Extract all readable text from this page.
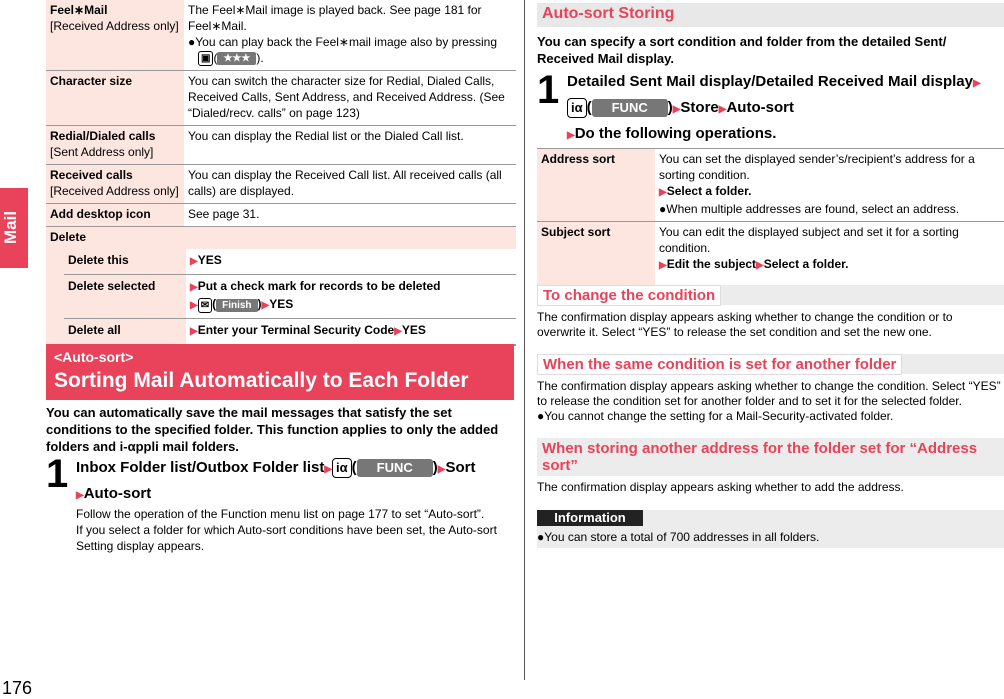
Mail
176
Feel∗Mail
[Received Address only]
	The Feel∗Mail image is played back. See page 181 for Feel∗Mail.
●You can play back the Feel∗mail image also by pressing
▣ ( ★★★ ).
Character size	You can switch the character size for Redial, Dialed Calls, Received Calls, Sent Address, and Received Address. (See “Dialed/recv. calls” on page 123)
Redial/Dialed calls
[Sent Address only]
	You can display the Redial list or the Dialed Call list.
Received calls
[Received Address only]
	You can display the Received Call list. All received calls (all calls) are displayed.
Add desktop icon	See page 31.
Delete

Delete this	▶YES
Delete selected	▶Put a check mark for records to be deleted
▶ ✉ ( Finish )▶YES
Delete all	▶Enter your Terminal Security Code▶YES
<Auto-sort>
Sorting Mail Automatically to Each Folder
You can automatically save the mail messages that satisfy the set conditions to the specified folder. This function applies to only the added folders and i-αppli mail folders.
1 Inbox Folder list/Outbox Folder list▶ iα ( FUNC )▶Sort
▶Auto-sort
Follow the operation of the Function menu list on page 177 to set “Auto-sort”.
If you select a folder for which Auto-sort conditions have been set, the Auto-sort Setting display appears.
Auto-sort Storing
You can specify a sort condition and folder from the detailed Sent/ Received Mail display.
1 Detailed Sent Mail display/Detailed Received Mail display▶iα ( FUNC )▶Store▶Auto-sort
▶Do the following operations.
Address sort	You can set the displayed sender’s/recipient’s address for a sorting condition.
▶Select a folder.
●When multiple addresses are found, select an address.
Subject sort	You can edit the displayed subject and set it for a sorting condition.
▶Edit the subject▶Select a folder.
To change the condition
The confirmation display appears asking whether to change the condition or to overwrite it. Select “YES” to release the set condition and set the new one.
When the same condition is set for another folder
The confirmation display appears asking whether to change the condition. Select “YES” to release the condition set for another folder and to set it for the selected folder.
●You cannot change the setting for a Mail-Security-activated folder.
When storing another address for the folder set for “Address sort”
The confirmation display appears asking whether to add the address.
Information
●You can store a total of 700 addresses in all folders.
